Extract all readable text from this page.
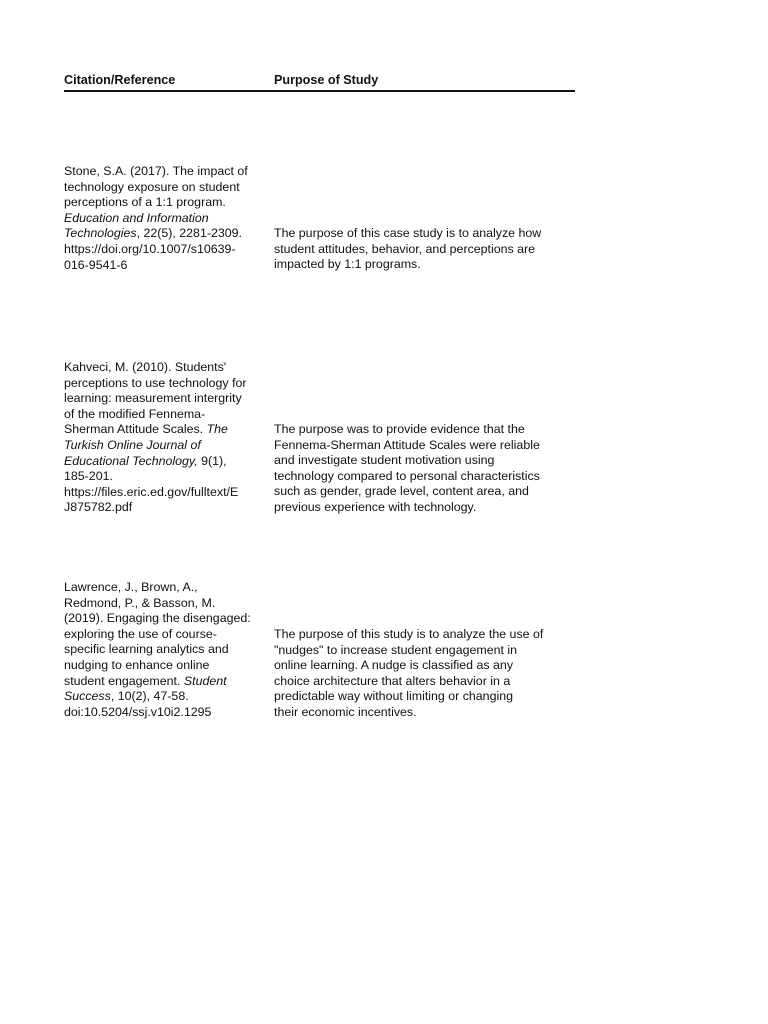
Citation/Reference	Purpose of Study
Stone, S.A. (2017). The impact of technology exposure on student perceptions of a 1:1 program. Education and Information Technologies, 22(5), 2281-2309. https://doi.org/10.1007/s10639- 016-9541-6
The purpose of this case study is to analyze how student attitudes, behavior, and perceptions are impacted by 1:1 programs.
Kahveci, M. (2010). Students' perceptions to use technology for learning: measurement intergrity of the modified Fennema- Sherman Attitude Scales. The Turkish Online Journal of Educational Technology, 9(1), 185-201. https://files.eric.ed.gov/fulltext/E J875782.pdf
The purpose was to provide evidence that the Fennema-Sherman Attitude Scales were reliable and investigate student motivation using technology compared to personal characteristics such as gender, grade level, content area, and previous experience with technology.
Lawrence, J., Brown, A., Redmond, P., & Basson, M. (2019). Engaging the disengaged: exploring the use of course- specific learning analytics and nudging to enhance online student engagement. Student Success, 10(2), 47-58. doi:10.5204/ssj.v10i2.1295
The purpose of this study is to analyze the use of "nudges" to increase student engagement in online learning. A nudge is classified as any choice architecture that alters behavior in a predictable way without limiting or changing their economic incentives.
